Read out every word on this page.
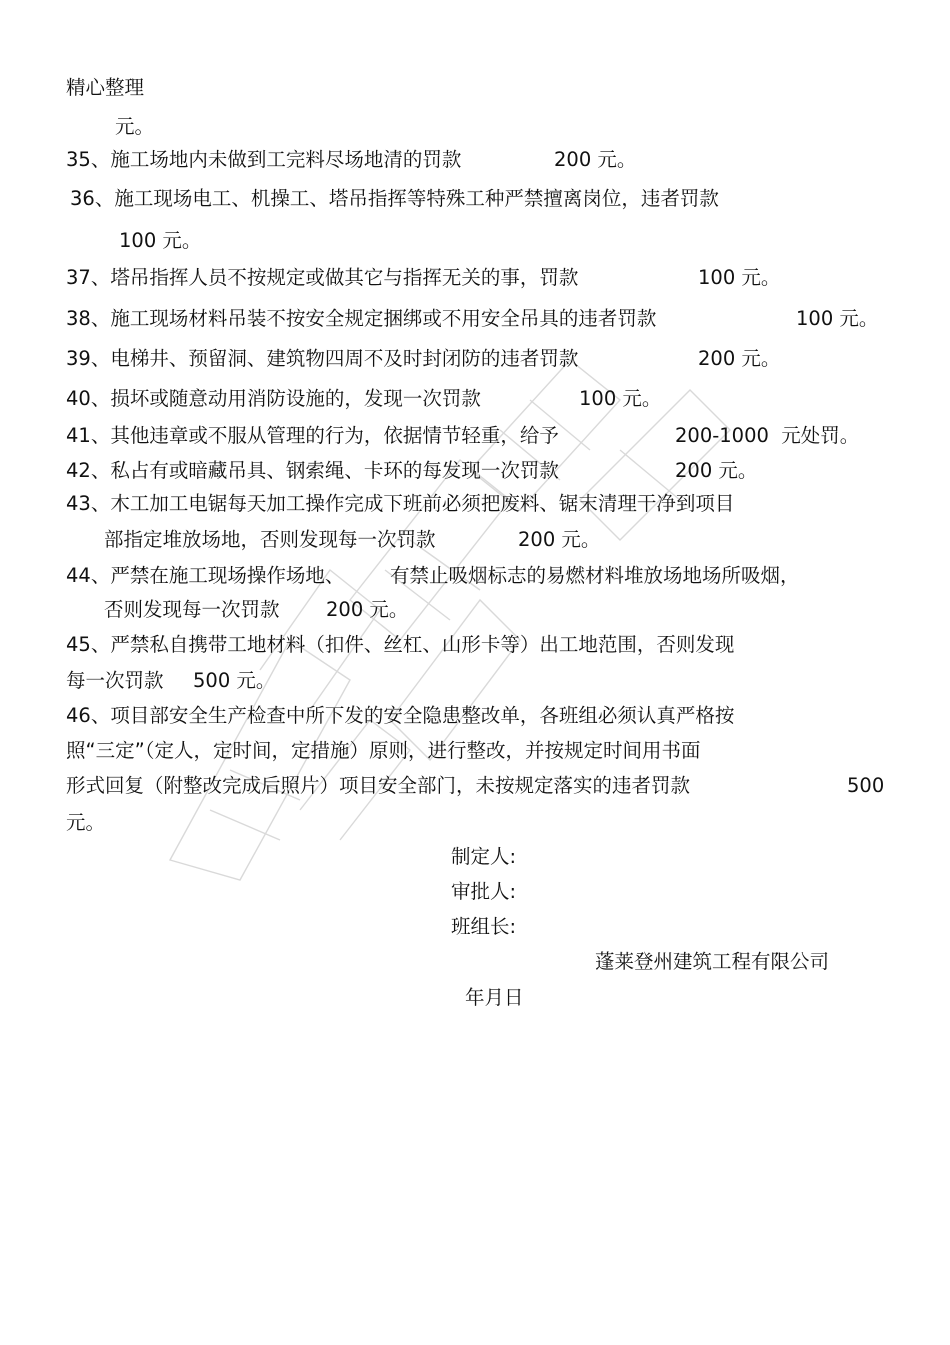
精心整理
元。
35、施工场地内未做到工完料尽场地清的罚款	200 元。
36、施工现场电工、机操工、塔吊指挥等特殊工种严禁擅离岗位，违者罚款
100 元。
37、塔吊指挥人员不按规定或做其它与指挥无关的事，罚款	100 元。
38、施工现场材料吊装不按安全规定捆绑或不用安全吊具的违者罚款	100 元。
39、电梯井、预留洞、建筑物四周不及时封闭防的违者罚款	200 元。
40、损坏或随意动用消防设施的，发现一次罚款	100 元。
41、其他违章或不服从管理的行为，依据情节轻重，给予	200-1000  元处罚。
42、私占有或暗藏吊具、钢索绳、卡环的每发现一次罚款	200 元。
43、木工加工电锯每天加工操作完成下班前必须把废料、锯末清理干净到项目
部指定堆放场地，否则发现每一次罚款	200 元。
44、严禁在施工现场操作场地、 有禁止吸烟标志的易燃材料堆放场地场所吸烟，
否则发现每一次罚款 200 元。
45、严禁私自携带工地材料（扣件、丝杠、山形卡等）出工地范围，否则发现
每一次罚款 500 元。
46、项目部安全生产检查中所下发的安全隐患整改单，各班组必须认真严格按
照“三定”（定人，定时间，定措施）原则，进行整改，并按规定时间用书面
形式回复（附整改完成后照片）项目安全部门，未按规定落实的违者罚款	500
元。
制定人:
审批人:
班组长:
蓬莱登州建筑工程有限公司
年月日
